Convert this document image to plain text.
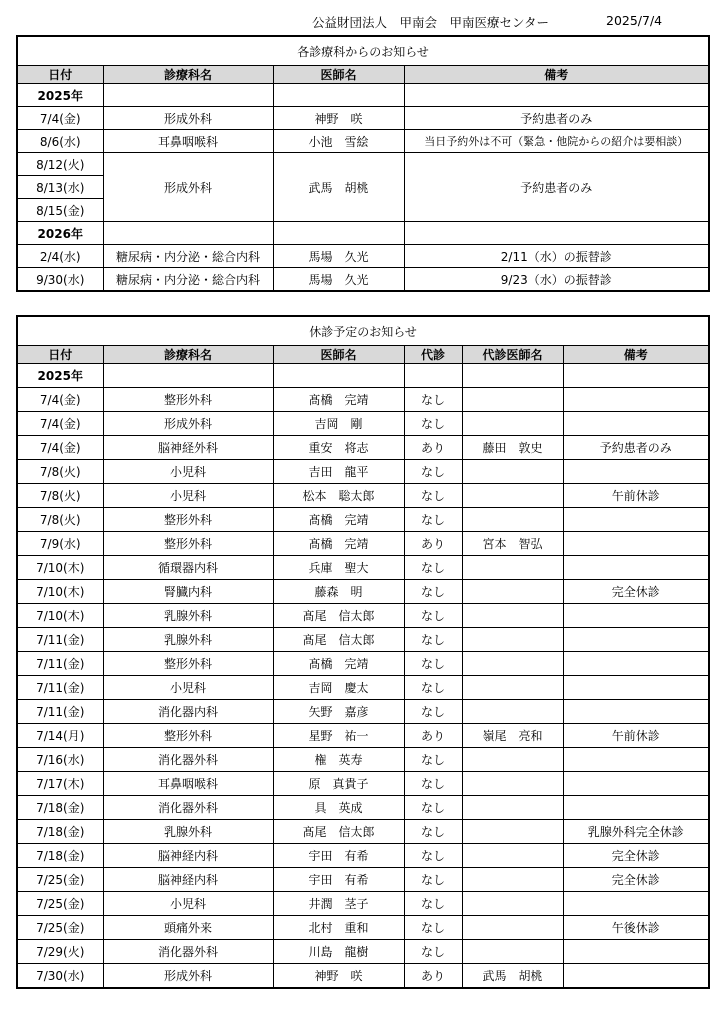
公益財団法人　甲南会　甲南医療センター	2025/7/4
各診療科からのお知らせ			
日付	診療科名	医師名	備考
2025年			
7/4(金)	形成外科	神野　咲	予約患者のみ
8/6(水)	耳鼻咽喉科	小池　雪絵	当日予約外は不可（緊急・他院からの紹介は要相談）
8/12(火)	形成外科	武馬　胡桃	予約患者のみ
8/13(水)			
8/15(金)			
2026年			
2/4(水)	糖尿病・内分泌・総合内科	馬場　久光	2/11（水）の振替診
9/30(水)	糖尿病・内分泌・総合内科	馬場　久光	9/23（水）の振替診
休診予定のお知らせ					
日付	診療科名	医師名	代診	代診医師名	備考
2025年					
7/4(金)	整形外科	髙橋　完靖	なし		
7/4(金)	形成外科	吉岡　剛	なし		
7/4(金)	脳神経外科	重安　将志	あり	藤田　敦史	予約患者のみ
7/8(火)	小児科	吉田　龍平	なし		
7/8(火)	小児科	松本　聡太郎	なし		午前休診
7/8(火)	整形外科	髙橋　完靖	なし		
7/9(水)	整形外科	髙橋　完靖	あり	宮本　智弘	
7/10(木)	循環器内科	兵庫　聖大	なし		
7/10(木)	腎臓内科	藤森　明	なし		完全休診
7/10(木)	乳腺外科	髙尾　信太郎	なし		
7/11(金)	乳腺外科	髙尾　信太郎	なし		
7/11(金)	整形外科	髙橋　完靖	なし		
7/11(金)	小児科	吉岡　慶太	なし		
7/11(金)	消化器内科	矢野　嘉彦	なし		
7/14(月)	整形外科	星野　祐一	あり	嶺尾　亮和	午前休診
7/16(水)	消化器外科	権　英寿	なし		
7/17(木)	耳鼻咽喉科	原　真貴子	なし		
7/18(金)	消化器外科	具　英成	なし		
7/18(金)	乳腺外科	髙尾　信太郎	なし		乳腺外科完全休診
7/18(金)	脳神経内科	宇田　有希	なし		完全休診
7/25(金)	脳神経内科	宇田　有希	なし		完全休診
7/25(金)	小児科	井潤　茎子	なし		
7/25(金)	頭痛外来	北村　重和	なし		午後休診
7/29(火)	消化器外科	川島　龍樹	なし		
7/30(水)	形成外科	神野　咲	あり	武馬　胡桃	
